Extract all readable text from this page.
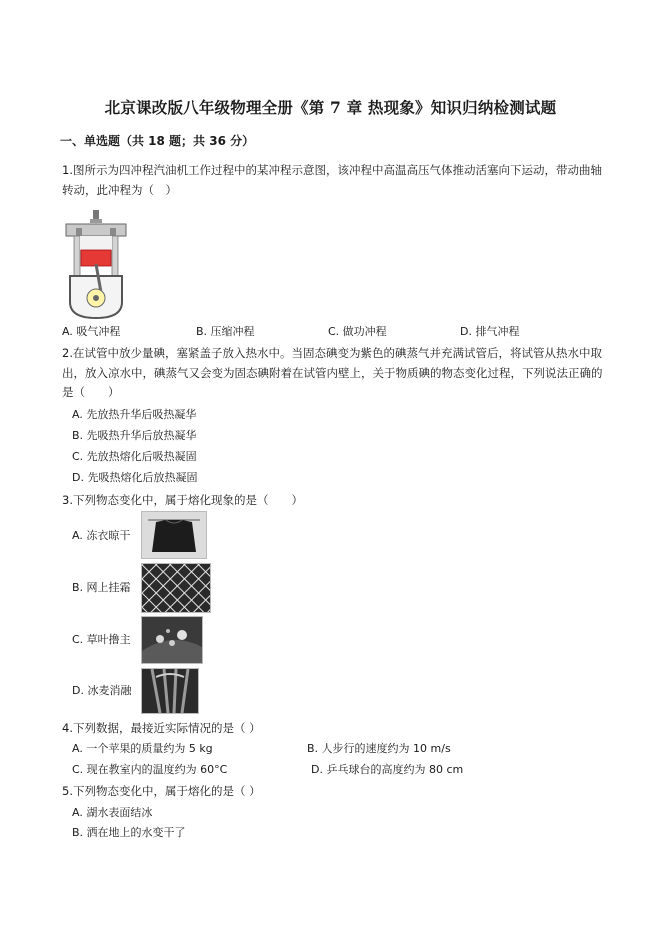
北京课改版八年级物理全册《第 7 章 热现象》知识归纳检测试题
一、单选题（共 18 题；共 36 分）
1.图所示为四冲程汽油机工作过程中的某冲程示意图，该冲程中高温高压气体推动活塞向下运动，带动曲轴转动，此冲程为（　）
A. 吸气冲程	B. 压缩冲程	C. 做功冲程	D. 排气冲程
2.在试管中放少量碘，塞紧盖子放入热水中。当固态碘变为紫色的碘蒸气并充满试管后，将试管从热水中取出，放入凉水中，碘蒸气又会变为固态碘附着在试管内壁上，关于物质碘的物态变化过程，下列说法正确的是（　　）
A. 先放热升华后吸热凝华
B. 先吸热升华后放热凝华
C. 先放热熔化后吸热凝固
D. 先吸热熔化后放热凝固
3.下列物态变化中，属于熔化现象的是（　　）
A. 冻衣晾干
B. 网上挂霜
C. 草叶撸主
D. 冰麦消融
4.下列数据，最接近实际情况的是（ ）
A. 一个苹果的质量约为 5 kg	B. 人步行的速度约为 10 m/s
C. 现在教室内的温度约为 60°C	D. 乒乓球台的高度约为 80 cm
5.下列物态变化中，属于熔化的是（ ）
A. 湖水表面结冰
B. 洒在地上的水变干了
